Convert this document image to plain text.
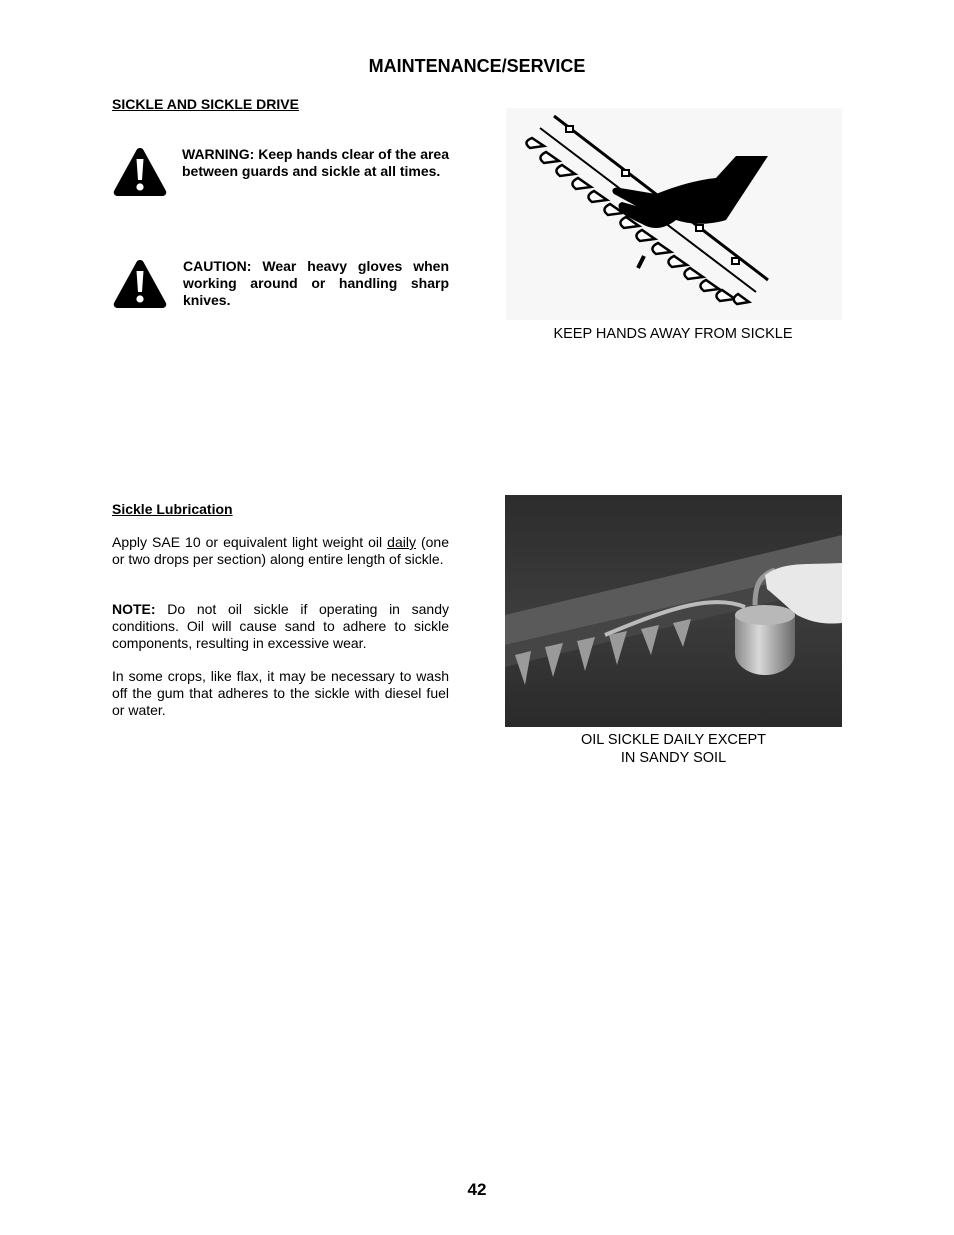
MAINTENANCE/SERVICE
SICKLE AND SICKLE DRIVE
WARNING: Keep hands clear of the area between guards and sickle at all times.
CAUTION: Wear heavy gloves when working around or handling sharp knives.
KEEP HANDS AWAY FROM SICKLE
Sickle Lubrication
Apply SAE 10 or equivalent light weight oil daily (one or two drops per section) along entire length of sickle.
NOTE: Do not oil sickle if operating in sandy conditions. Oil will cause sand to adhere to sickle components, resulting in excessive wear.
In some crops, like flax, it may be necessary to wash off the gum that adheres to the sickle with diesel fuel or water.
OIL SICKLE DAILY EXCEPT
IN SANDY SOIL
42
